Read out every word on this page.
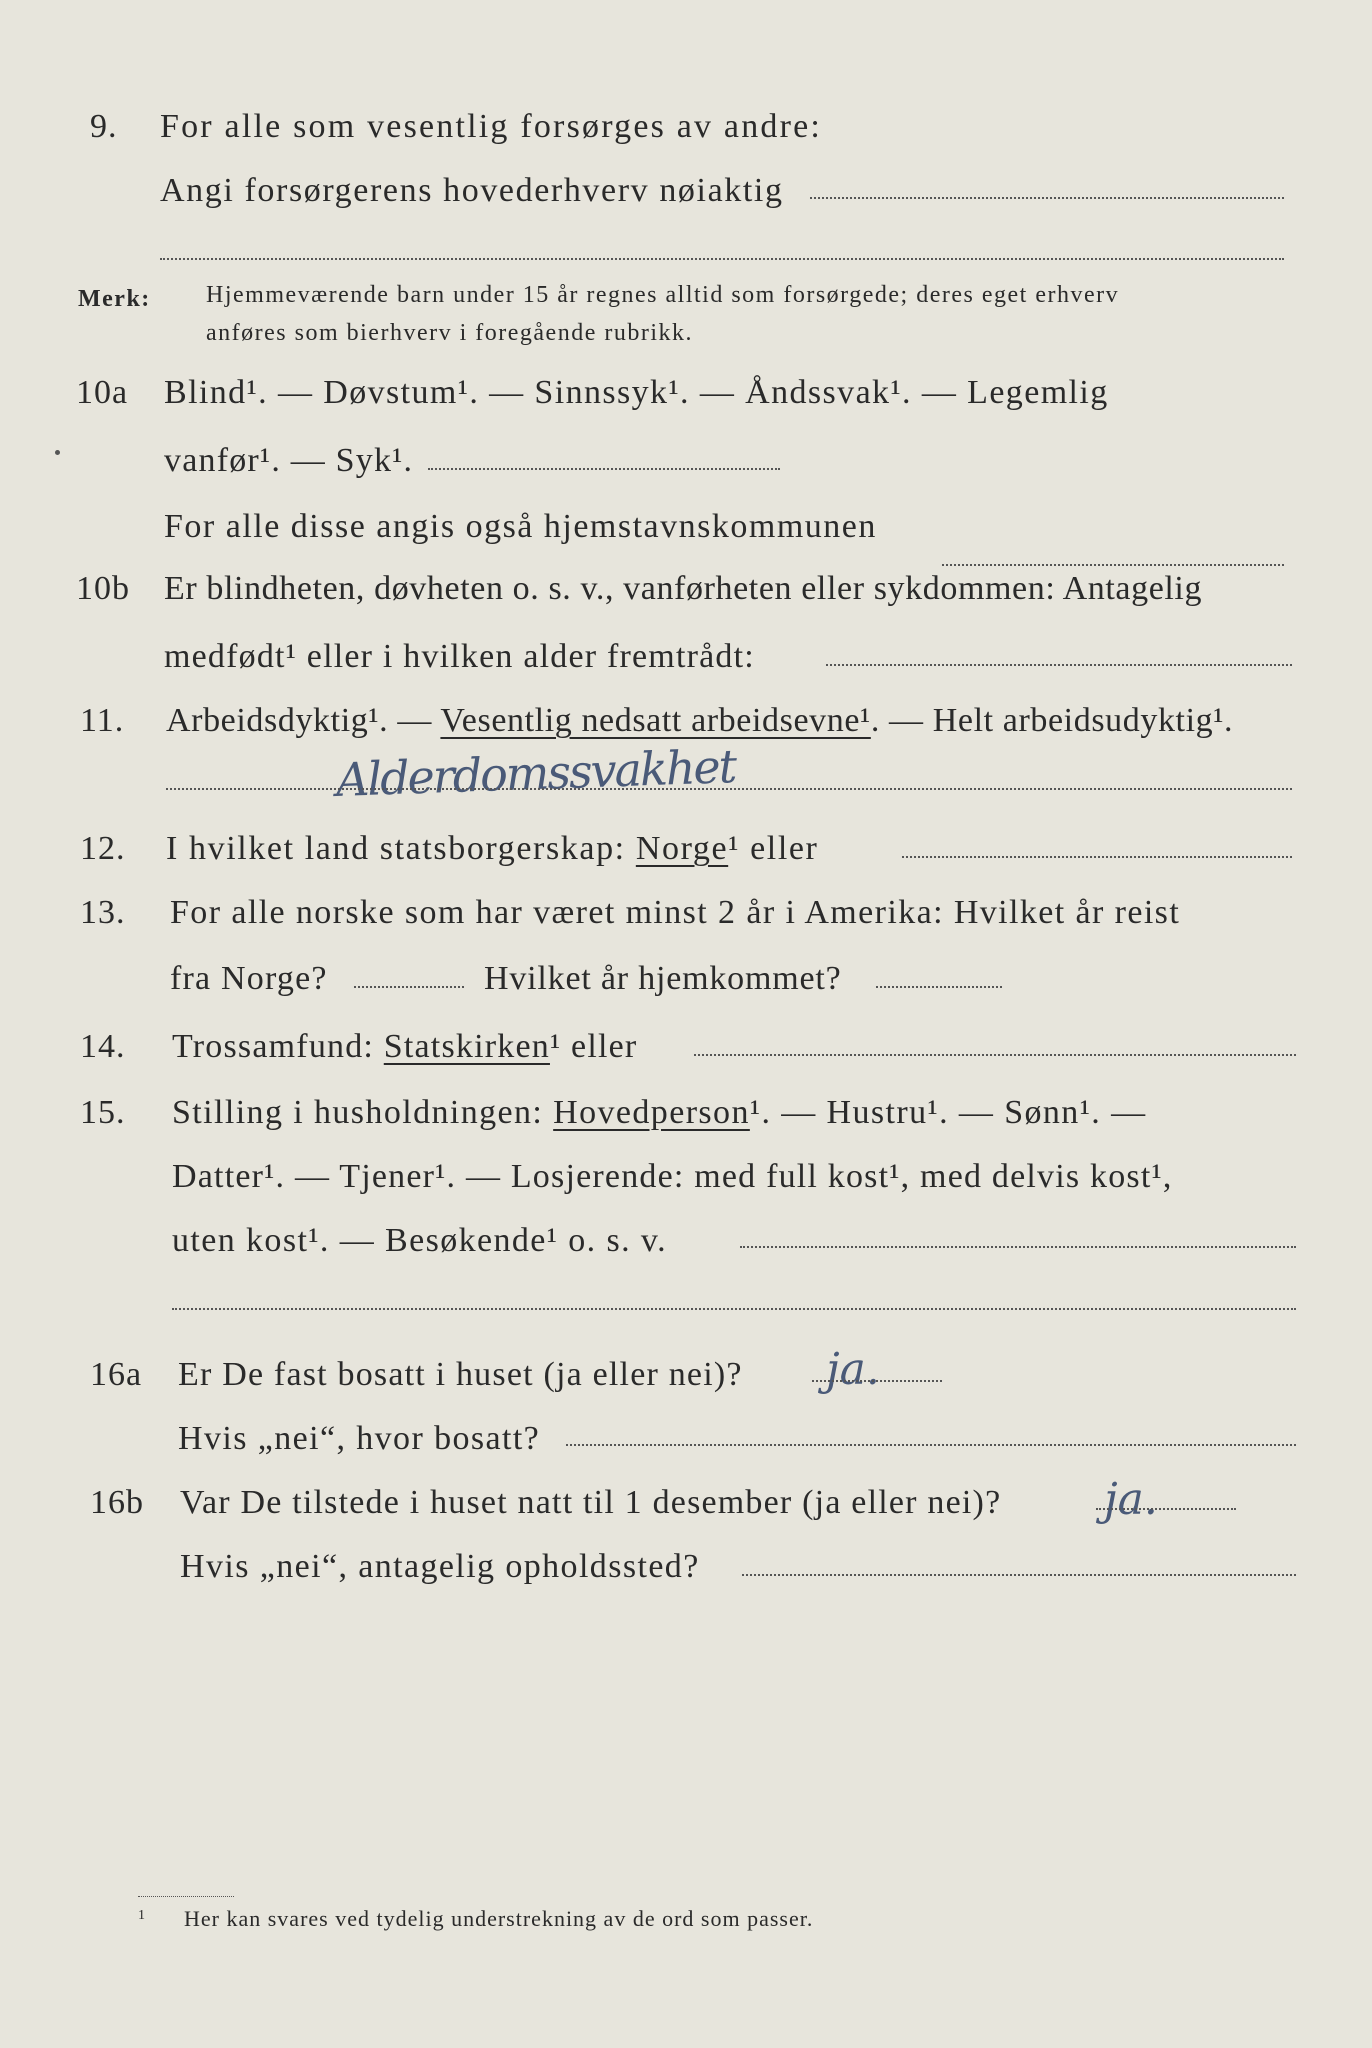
9. For alle som vesentlig forsørges av andre:
Angi forsørgerens hovederhverv nøiaktig
Merk: Hjemmeværende barn under 15 år regnes alltid som forsørgede; deres eget erhverv
anføres som bierhverv i foregående rubrikk.
10a Blind¹. — Døvstum¹. — Sinnssyk¹. — Åndssvak¹. — Legemlig
vanfør¹. — Syk¹.
For alle disse angis også hjemstavnskommunen
10b Er blindheten, døvheten o. s. v., vanførheten eller sykdommen: Antagelig
medfødt¹ eller i hvilken alder fremtrådt:
11. Arbeidsdyktig¹. — Vesentlig nedsatt arbeidsevne¹. — Helt arbeidsudyktig¹.
Alderdomssvakhet
12. I hvilket land statsborgerskap: Norge¹ eller
13. For alle norske som har været minst 2 år i Amerika: Hvilket år reist
fra Norge?	Hvilket år hjemkommet?
14. Trossamfund: Statskirken¹ eller
15. Stilling i husholdningen: Hovedperson¹. — Hustru¹. — Sønn¹. —
Datter¹. — Tjener¹. — Losjerende: med full kost¹, med delvis kost¹,
uten kost¹. — Besøkende¹ o. s. v.
16a Er De fast bosatt i huset (ja eller nei)? ja.
Hvis „nei“, hvor bosatt?
16b Var De tilstede i huset natt til 1 desember (ja eller nei)? ja.
Hvis „nei“, antagelig opholdssted?
1 Her kan svares ved tydelig understrekning av de ord som passer.
